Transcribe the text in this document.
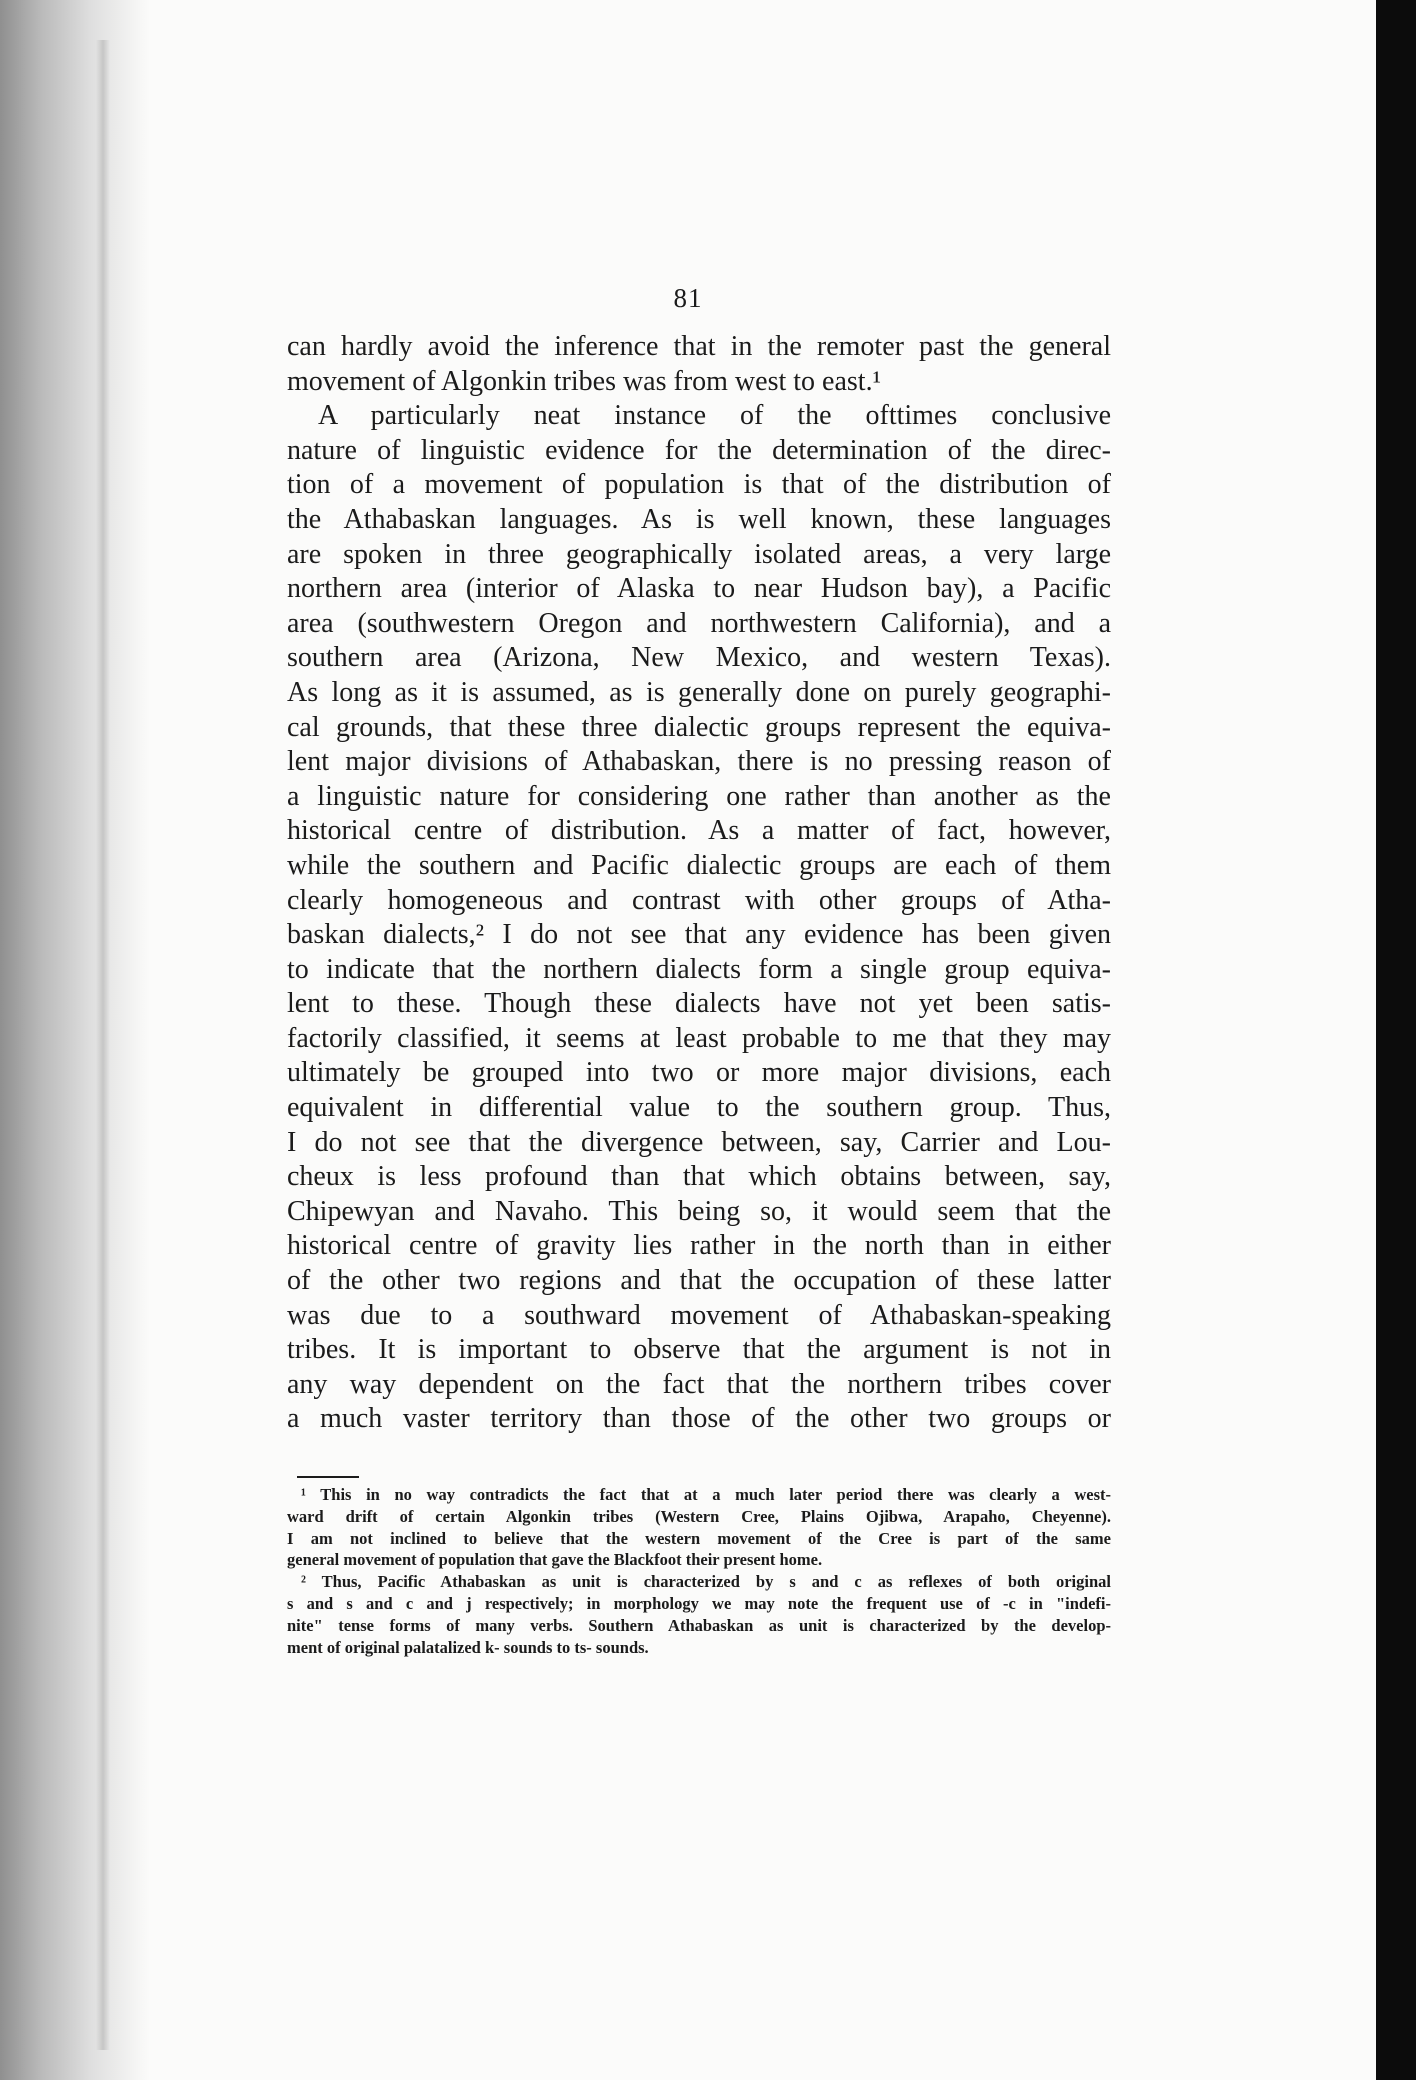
81
can hardly avoid the inference that in the remoter past the general
movement of Algonkin tribes was from west to east.¹
A particularly neat instance of the ofttimes conclusive
nature of linguistic evidence for the determination of the direc-
tion of a movement of population is that of the distribution of
the Athabaskan languages. As is well known, these languages
are spoken in three geographically isolated areas, a very large
northern area (interior of Alaska to near Hudson bay), a Pacific
area (southwestern Oregon and northwestern California), and a
southern area (Arizona, New Mexico, and western Texas).
As long as it is assumed, as is generally done on purely geographi-
cal grounds, that these three dialectic groups represent the equiva-
lent major divisions of Athabaskan, there is no pressing reason of
a linguistic nature for considering one rather than another as the
historical centre of distribution. As a matter of fact, however,
while the southern and Pacific dialectic groups are each of them
clearly homogeneous and contrast with other groups of Atha-
baskan dialects,² I do not see that any evidence has been given
to indicate that the northern dialects form a single group equiva-
lent to these. Though these dialects have not yet been satis-
factorily classified, it seems at least probable to me that they may
ultimately be grouped into two or more major divisions, each
equivalent in differential value to the southern group. Thus,
I do not see that the divergence between, say, Carrier and Lou-
cheux is less profound than that which obtains between, say,
Chipewyan and Navaho. This being so, it would seem that the
historical centre of gravity lies rather in the north than in either
of the other two regions and that the occupation of these latter
was due to a southward movement of Athabaskan-speaking
tribes. It is important to observe that the argument is not in
any way dependent on the fact that the northern tribes cover
a much vaster territory than those of the other two groups or
¹ This in no way contradicts the fact that at a much later period there was clearly a west-
ward drift of certain Algonkin tribes (Western Cree, Plains Ojibwa, Arapaho, Cheyenne).
I am not inclined to believe that the western movement of the Cree is part of the same
general movement of population that gave the Blackfoot their present home.
² Thus, Pacific Athabaskan as unit is characterized by s and c as reflexes of both original
s and s and c and j respectively; in morphology we may note the frequent use of -c in "indefi-
nite" tense forms of many verbs. Southern Athabaskan as unit is characterized by the develop-
ment of original palatalized k- sounds to ts- sounds.
